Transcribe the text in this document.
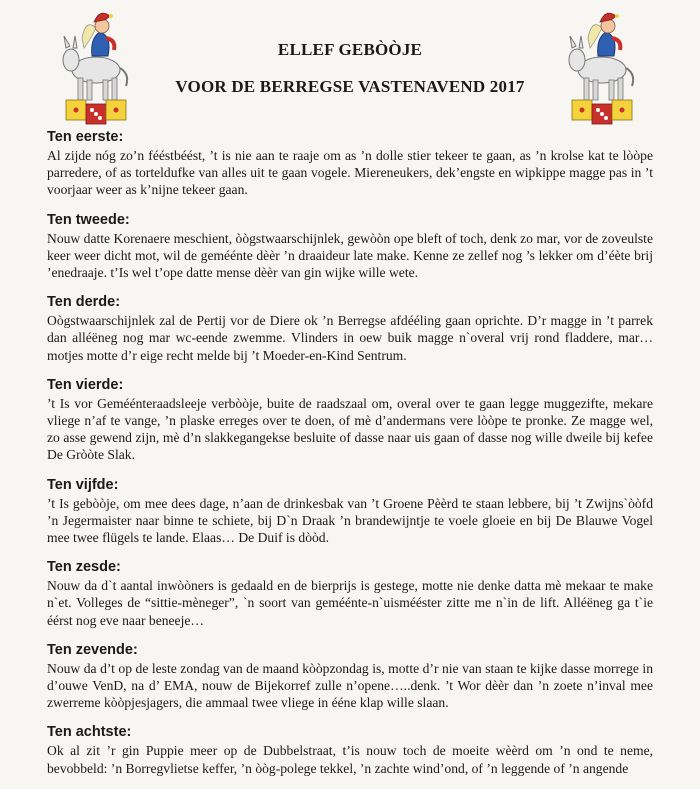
ELLEF GEBÒÒJE
VOOR DE BERREGSE VASTENAVEND 2017
Ten eerste:

Al zijde nóg zo’n fééstbéést, ’t is nie aan te raaje om as ’n dolle stier tekeer te gaan, as ’n krolse kat te lòòpe parredere, of as torteldufke van alles uit te gaan vogele. Miereneukers, dek’engste en wipkippe magge pas in ’t voorjaar weer as k’nijne tekeer gaan.

Ten tweede:

Nouw datte Korenaere meschient, òògstwaarschijnlek, gewòòn ope bleft of toch, denk zo mar, vor de zoveulste keer weer dicht mot, wil de geméénte dèèr ’n draaideur late make. Kenne ze zellef nog ’s lekker om d’éète brij ’enedraaje. t’Is wel t’ope datte mense dèèr van gin wijke wille wete.

Ten derde:

Oògstwaarschijnlek zal de Pertij vor de Diere ok ’n Berregse afdééling gaan oprichte. D’r magge in ’t parrek dan alléëneg nog mar wc-eende zwemme. Vlinders in oew buik magge n`overal vrij rond fladdere, mar… motjes motte d’r eige recht melde bij ’t Moeder-en-Kind Sentrum.

Ten vierde:

’t Is vor Geméénteraadsleeje verbòòje, buite de raadszaal om, overal over te gaan legge muggezifte, mekare vliege n’af te vange, ’n plaske erreges over te doen, of mè d’andermans vere lòòpe te pronke. Ze magge wel, zo asse gewend zijn, mè d’n slakkegangekse besluite of dasse naar uis gaan of dasse nog wille dweile bij kefee De Gròòte Slak.

Ten vijfde:

’t Is gebòòje, om mee dees dage, n’aan de drinkesbak van ’t Groene Pèèrd te staan lebbere, bij ’t Zwijns`òòfd ’n Jegermaister naar binne te schiete, bij D`n Draak ’n brandewijntje te voele gloeie en bij De Blauwe Vogel mee twee flügels te lande. Elaas… De Duif is dòòd.

Ten zesde:

Nouw da d`t aantal inwòòners is gedaald en de bierprijs is gestege, motte nie denke datta mè mekaar te make n`et. Volleges de “sittie-mèneger”, `n soort van geméénte-n`uismééster zitte me n`in de lift. Alléëneg ga t`ie éérst nog eve naar beneeje…

Ten zevende:

Nouw da d’t op de leste zondag van de maand kòòpzondag is, motte d’r nie van staan te kijke dasse morrege in d’ouwe VenD, na d’ EMA, nouw de Bijekorref zulle n’opene…..denk. ’t Wor dèèr dan ’n zoete n’inval mee zwerreme kòòpjesjagers, die ammaal twee vliege in ééne klap wille slaan.

Ten achtste:

Ok al zit ’r gin Puppie meer op de Dubbelstraat, t’is nouw toch de moeite wèèrd om ’n ond te neme, bevobbeld: ’n Borregvlietse keffer, ’n òòg-polege tekkel, ’n zachte wind’ond, of ’n leggende of ’n angende
